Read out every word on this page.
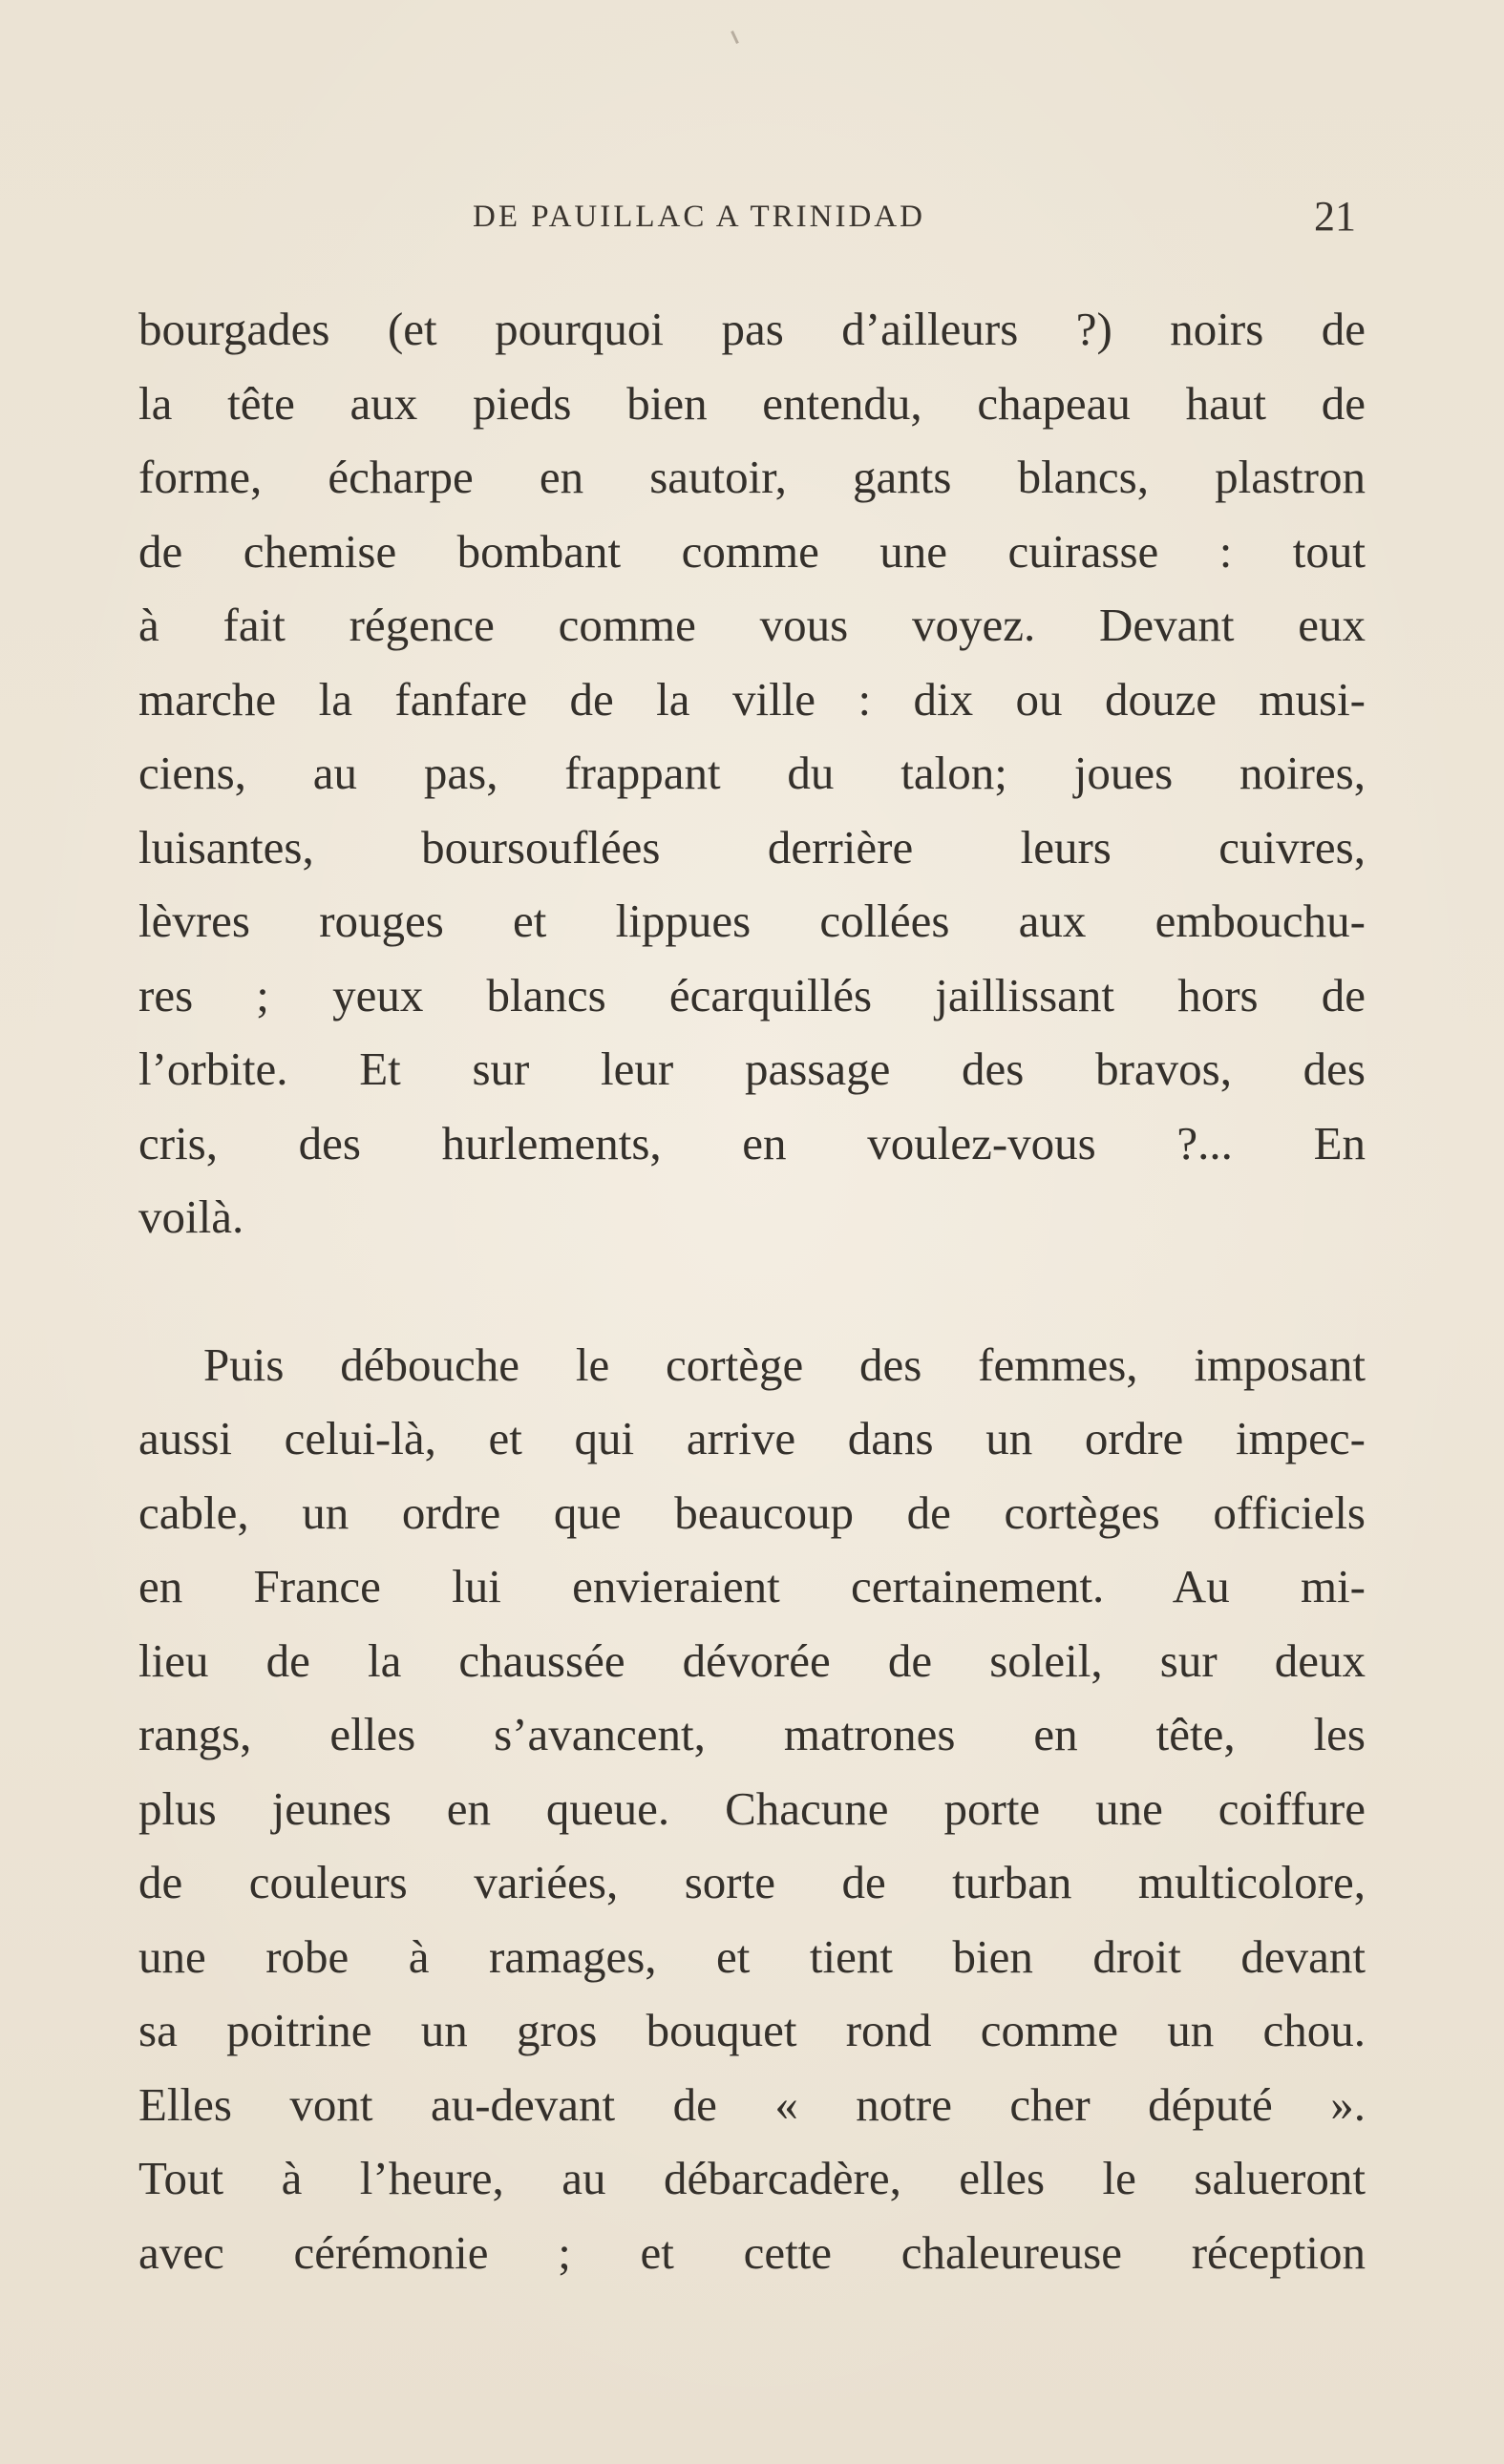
DE PAUILLAC A TRINIDAD	21

bourgades (et pourquoi pas d’ailleurs ?) noirs de
la tête aux pieds bien entendu, chapeau haut de
forme, écharpe en sautoir, gants blancs, plastron
de chemise bombant comme une cuirasse : tout
à fait régence comme vous voyez. Devant eux
marche la fanfare de la ville : dix ou douze musi-
ciens, au pas, frappant du talon; joues noires,
luisantes, boursouflées derrière leurs cuivres,
lèvres rouges et lippues collées aux embouchu-
res ; yeux blancs écarquillés jaillissant hors de
l’orbite. Et sur leur passage des bravos, des
cris, des hurlements, en voulez-vous ?... En
voilà.
Puis débouche le cortège des femmes, imposant
aussi celui-là, et qui arrive dans un ordre impec-
cable, un ordre que beaucoup de cortèges officiels
en France lui envieraient certainement. Au mi-
lieu de la chaussée dévorée de soleil, sur deux
rangs, elles s’avancent, matrones en tête, les
plus jeunes en queue. Chacune porte une coiffure
de couleurs variées, sorte de turban multicolore,
une robe à ramages, et tient bien droit devant
sa poitrine un gros bouquet rond comme un chou.
Elles vont au-devant de « notre cher député ».
Tout à l’heure, au débarcadère, elles le salueront
avec cérémonie ; et cette chaleureuse réception
